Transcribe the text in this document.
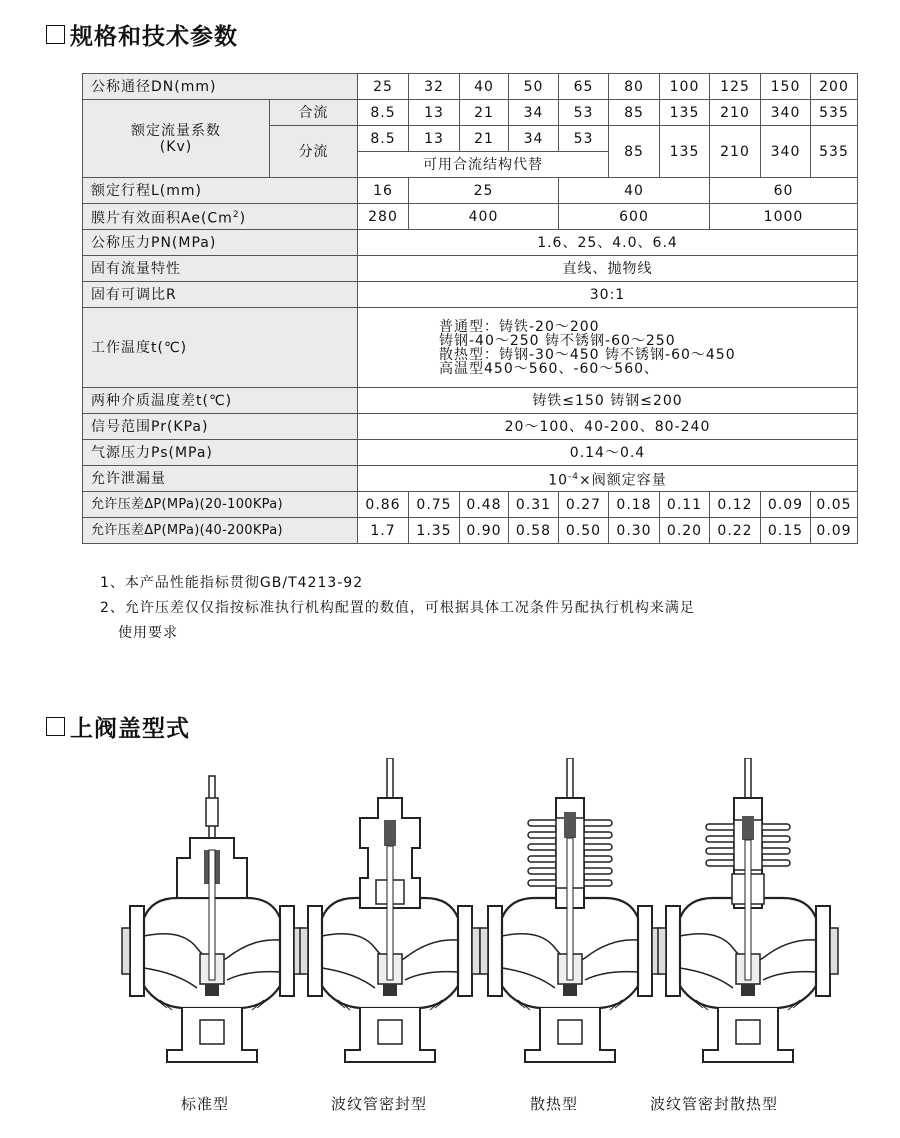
规格和技术参数
公称通径DN(mm)		25	32	40	50	65	80	100	125	150	200

额定流量系数
(Kv)	合流	8.5	13	21	34	53	85	135	210	340	535
	分流	8.5	13	21	34	53	85	135	210	340	535
		可用合流结构代替									
额定行程L(mm)		16	25			40			60		
膜片有效面积Ae(Cm$^2$)		280	400			600			1000		
公称压力PN(MPa)		1.6、25、4.0、6.4									
固有流量特性		直线、抛物线									
固有可调比R		30:1									
工作温度t(℃)		普通型：铸铁-20～200
铸钢-40～250 铸不锈钢-60～250
散热型：铸钢-30～450 铸不锈钢-60～450
高温型450～560、-60～560、									

两种介质温度差t(℃)		铸铁≤150 铸钢≤200									
信号范围Pr(KPa)		20～100、40-200、80-240									
气源压力Ps(MPa)		0.14～0.4									
允许泄漏量		$10^{-4}\times$阀额定容量									
允许压差ΔP(MPa)(20-100KPa)		0.86	0.75	0.48	0.31	0.27	0.18	0.11	0.12	0.09	0.05
允许压差ΔP(MPa)(40-200KPa)		1.7	1.35	0.90	0.58	0.50	0.30	0.20	0.22	0.15	0.09
1、本产品性能指标贯彻GB/T4213-92
2、允许压差仅仅指按标准执行机构配置的数值，可根据具体工况条件另配执行机构来满足
使用要求
上阀盖型式
标准型	波纹管密封型	散热型	波纹管密封散热型
